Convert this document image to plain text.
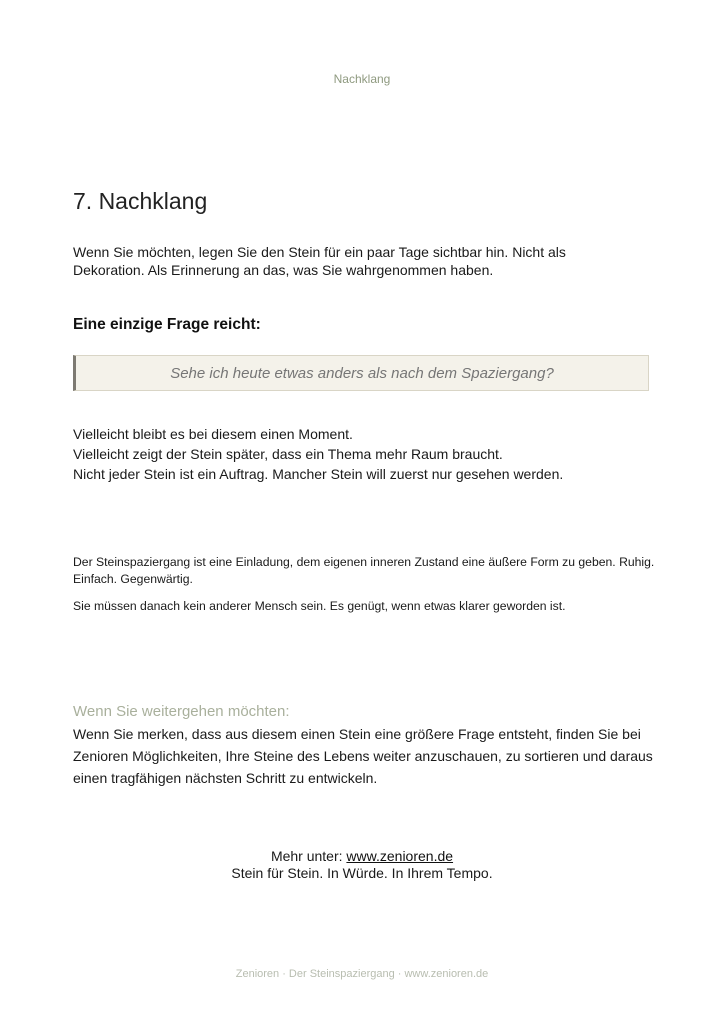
Nachklang
7. Nachklang
Wenn Sie möchten, legen Sie den Stein für ein paar Tage sichtbar hin. Nicht als Dekoration. Als Erinnerung an das, was Sie wahrgenommen haben.
Eine einzige Frage reicht:
Sehe ich heute etwas anders als nach dem Spaziergang?
Vielleicht bleibt es bei diesem einen Moment.
Vielleicht zeigt der Stein später, dass ein Thema mehr Raum braucht.
Nicht jeder Stein ist ein Auftrag. Mancher Stein will zuerst nur gesehen werden.
Der Steinspaziergang ist eine Einladung, dem eigenen inneren Zustand eine äußere Form zu geben. Ruhig. Einfach. Gegenwärtig.
Sie müssen danach kein anderer Mensch sein. Es genügt, wenn etwas klarer geworden ist.
Wenn Sie weitergehen möchten:
Wenn Sie merken, dass aus diesem einen Stein eine größere Frage entsteht, finden Sie bei Zenioren Möglichkeiten, Ihre Steine des Lebens weiter anzuschauen, zu sortieren und daraus einen tragfähigen nächsten Schritt zu entwickeln.
Mehr unter: www.zenioren.de
Stein für Stein. In Würde. In Ihrem Tempo.
Zenioren · Der Steinspaziergang · www.zenioren.de
